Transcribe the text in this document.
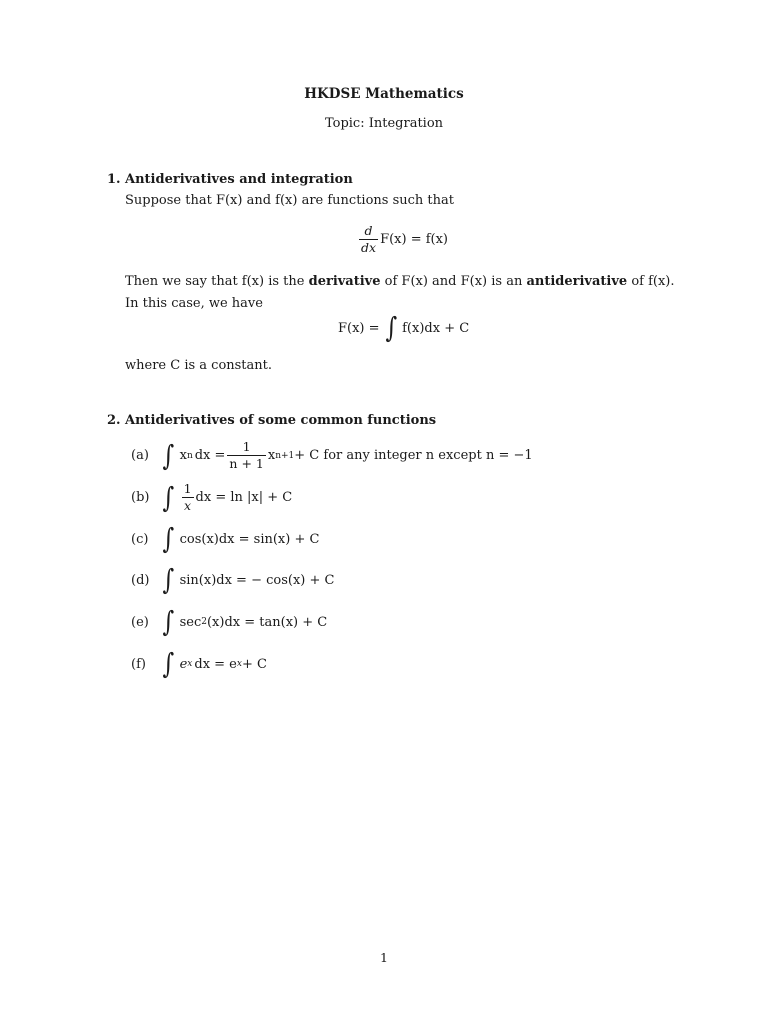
HKDSE Mathematics
Topic: Integration
1. Antiderivatives and integration
Suppose that F(x) and f(x) are functions such that
$\frac{d}{dx} F(x) = f(x)$
Then we say that f(x) is the derivative of F(x) and F(x) is an antiderivative of f(x).
In this case, we have
F(x) = ∫ f(x)dx + C
where C is a constant.
2. Antiderivatives of some common functions
(a) ∫ x n dx = $\frac{1}{n + 1}$ x n+1 + C for any integer n except n = −1
(b) ∫ $\frac{1}{x}$ dx = ln |x| + C
(c) ∫ cos(x)dx = sin(x) + C
(d) ∫ sin(x)dx = − cos(x) + C
(e) ∫ sec 2 (x)dx = tan(x) + C
(f) ∫ e x dx = e x + C
1
